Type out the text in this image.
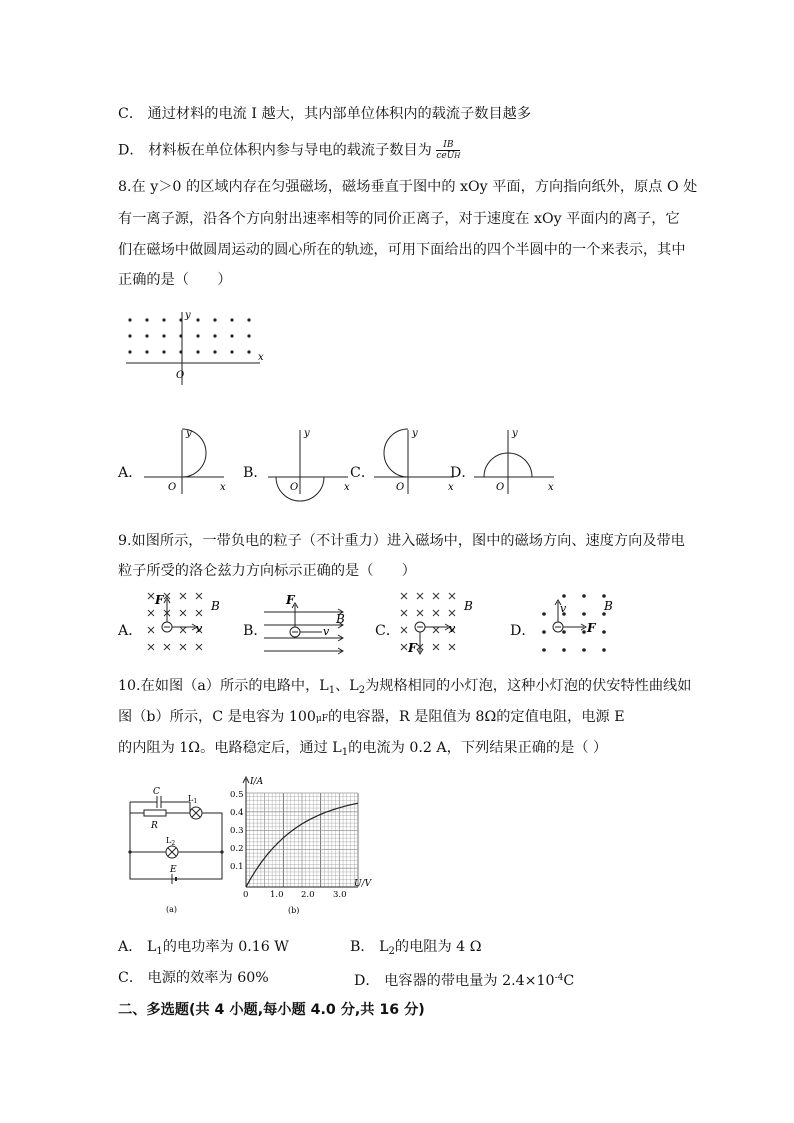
C． 通过材料的电流 I 越大，其内部单位体积内的载流子数目越多
D． 材料板在单位体积内参与导电的载流子数目为 $\frac{IB}{\text{ceUH}}$
8.在 y＞0 的区域内存在匀强磁场，磁场垂直于图中的 xOy 平面，方向指向纸外，原点 O 处
有一离子源，沿各个方向射出速率相等的同价正离子，对于速度在 xOy 平面内的离子，它
们在磁场中做圆周运动的圆心所在的轨迹，可用下面给出的四个半圆中的一个来表示，其中
正确的是（　　）
x
y
O
A．
x
y
O
B．
x
y
O
C．
x
y
O
D．
x
y
O
9.如图所示，一带负电的粒子（不计重力）进入磁场中，图中的磁场方向、速度方向及带电
粒子所受的洛仑兹力方向标示正确的是（　　）
A．
F
v
B
B．
F
v
B
C．
F
v
B
D．
v
F
B
10.在如图（a）所示的电路中，$L_1$、$L_2$为规格相同的小灯泡，这种小灯泡的伏安特性曲线如
图（b）所示，C 是电容为 100μF的电容器，R 是阻值为 8Ω的定值电阻，电源 E
的内阻为 1Ω。电路稳定后，通过 $L_1$的电流为 0.2 A，下列结果正确的是（ ）
C
R
$L_1$
$L_2$
E
(a)
I/A
U/V
0.5
0.4
0.3
0.2
0.1
0	1.0 2.0 3.0
(b)
A． $L_1$的电功率为 0.16 W	B． $L_2$的电阻为 4 Ω
C． 电源的效率为 60%	D． 电容器的带电量为 $2.4\times 10^{-4}C$
二、多选题(共 4 小题,每小题 4.0 分,共 16 分)
